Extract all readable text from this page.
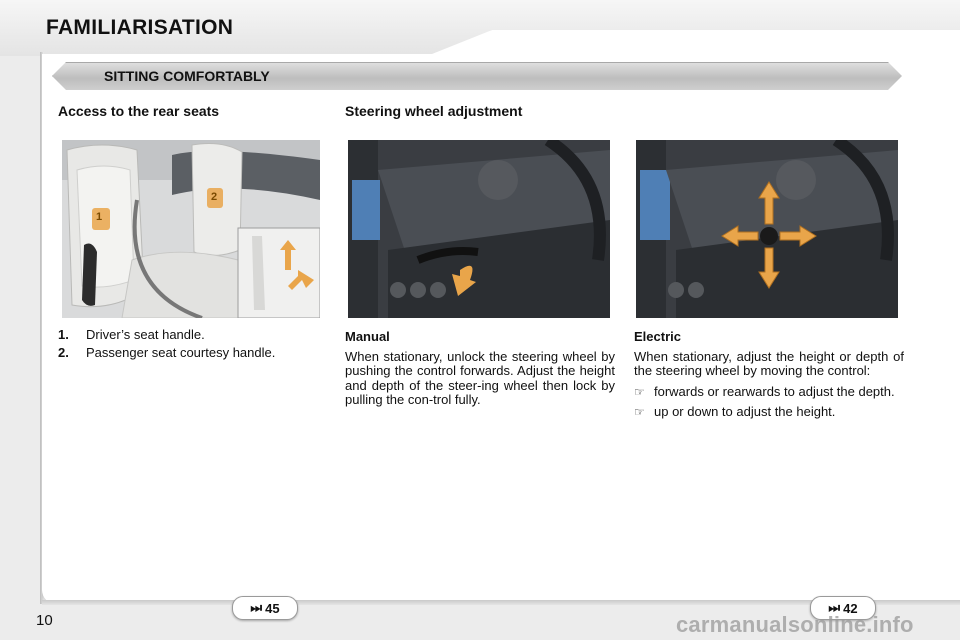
FAMILIARISATION
SITTING COMFORTABLY
Access to the rear seats
1
2
1.	Driver’s seat handle.
2.	Passenger seat courtesy handle.
Steering wheel adjustment
Manual

When stationary, unlock the steering wheel by pushing the control forwards. Adjust the height and depth of the steer-ing wheel then lock by pulling the con-trol fully.

Electric

When stationary, adjust the height or depth of the steering wheel by moving the control:

☞ forwards or rearwards to adjust the depth.
☞ up or down to adjust the height.
10
⏭ 45	⏭ 42
carmanualsonline.info
